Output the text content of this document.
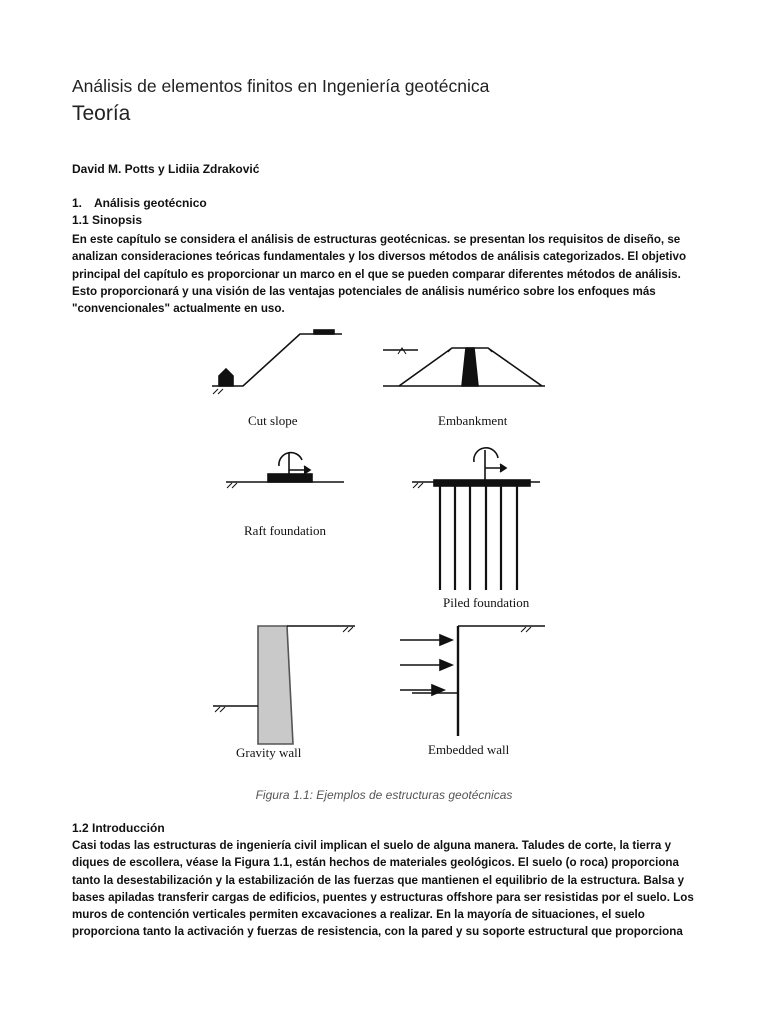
Análisis de elementos finitos en Ingeniería geotécnica
Teoría
David M. Potts y Lidiia Zdraković
1. Análisis geotécnico
1.1 Sinopsis
En este capítulo se considera el análisis de estructuras geotécnicas. se presentan los requisitos de diseño, se
analizan consideraciones teóricas fundamentales y los diversos métodos de análisis categorizados. El objetivo
principal del capítulo es proporcionar un marco en el que se pueden comparar diferentes métodos de análisis.
Esto proporcionará y una visión de las ventajas potenciales de análisis numérico sobre los enfoques más
"convencionales" actualmente en uso.
Cut slope	Embankment
Raft foundation
Piled foundation
Gravity wall	Embedded wall
Figura 1.1: Ejemplos de estructuras geotécnicas
1.2 Introducción
Casi todas las estructuras de ingeniería civil implican el suelo de alguna manera. Taludes de corte, la tierra y
diques de escollera, véase la Figura 1.1, están hechos de materiales geológicos. El suelo (o roca) proporciona
tanto la desestabilización y la estabilización de las fuerzas que mantienen el equilibrio de la estructura. Balsa y
bases apiladas transferir cargas de edificios, puentes y estructuras offshore para ser resistidas por el suelo. Los
muros de contención verticales permiten excavaciones a realizar. En la mayoría de situaciones, el suelo
proporciona tanto la activación y fuerzas de resistencia, con la pared y su soporte estructural que proporciona
